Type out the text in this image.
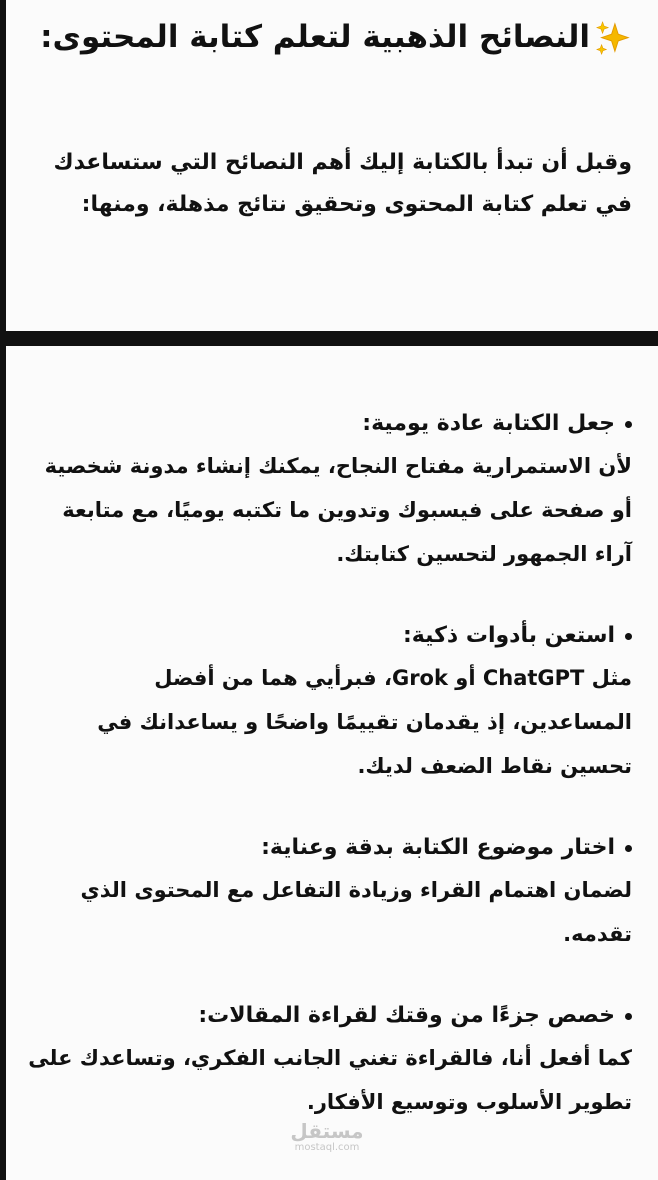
النصائح الذهبية لتعلم كتابة المحتوى:

وقبل أن تبدأ بالكتابة إليك أهم النصائح التي ستساعدك في تعلم كتابة المحتوى وتحقيق نتائج مذهلة، ومنها:

جعل الكتابة عادة يومية:

لأن الاستمرارية مفتاح النجاح، يمكنك إنشاء مدونة شخصية أو صفحة على فيسبوك وتدوين ما تكتبه يوميًا، مع متابعة آراء الجمهور لتحسين كتابتك.

استعن بأدوات ذكية:

مثل ChatGPT أو Grok، فبرأيي هما من أفضل المساعدين، إذ يقدمان تقييمًا واضحًا و يساعدانك في تحسين نقاط الضعف لديك.

اختار موضوع الكتابة بدقة وعناية:

لضمان اهتمام القراء وزيادة التفاعل مع المحتوى الذي تقدمه.

خصص جزءًا من وقتك لقراءة المقالات:

كما أفعل أنا، فالقراءة تغني الجانب الفكري، وتساعدك على تطوير الأسلوب وتوسيع الأفكار.

مستقل
mostaql.com
